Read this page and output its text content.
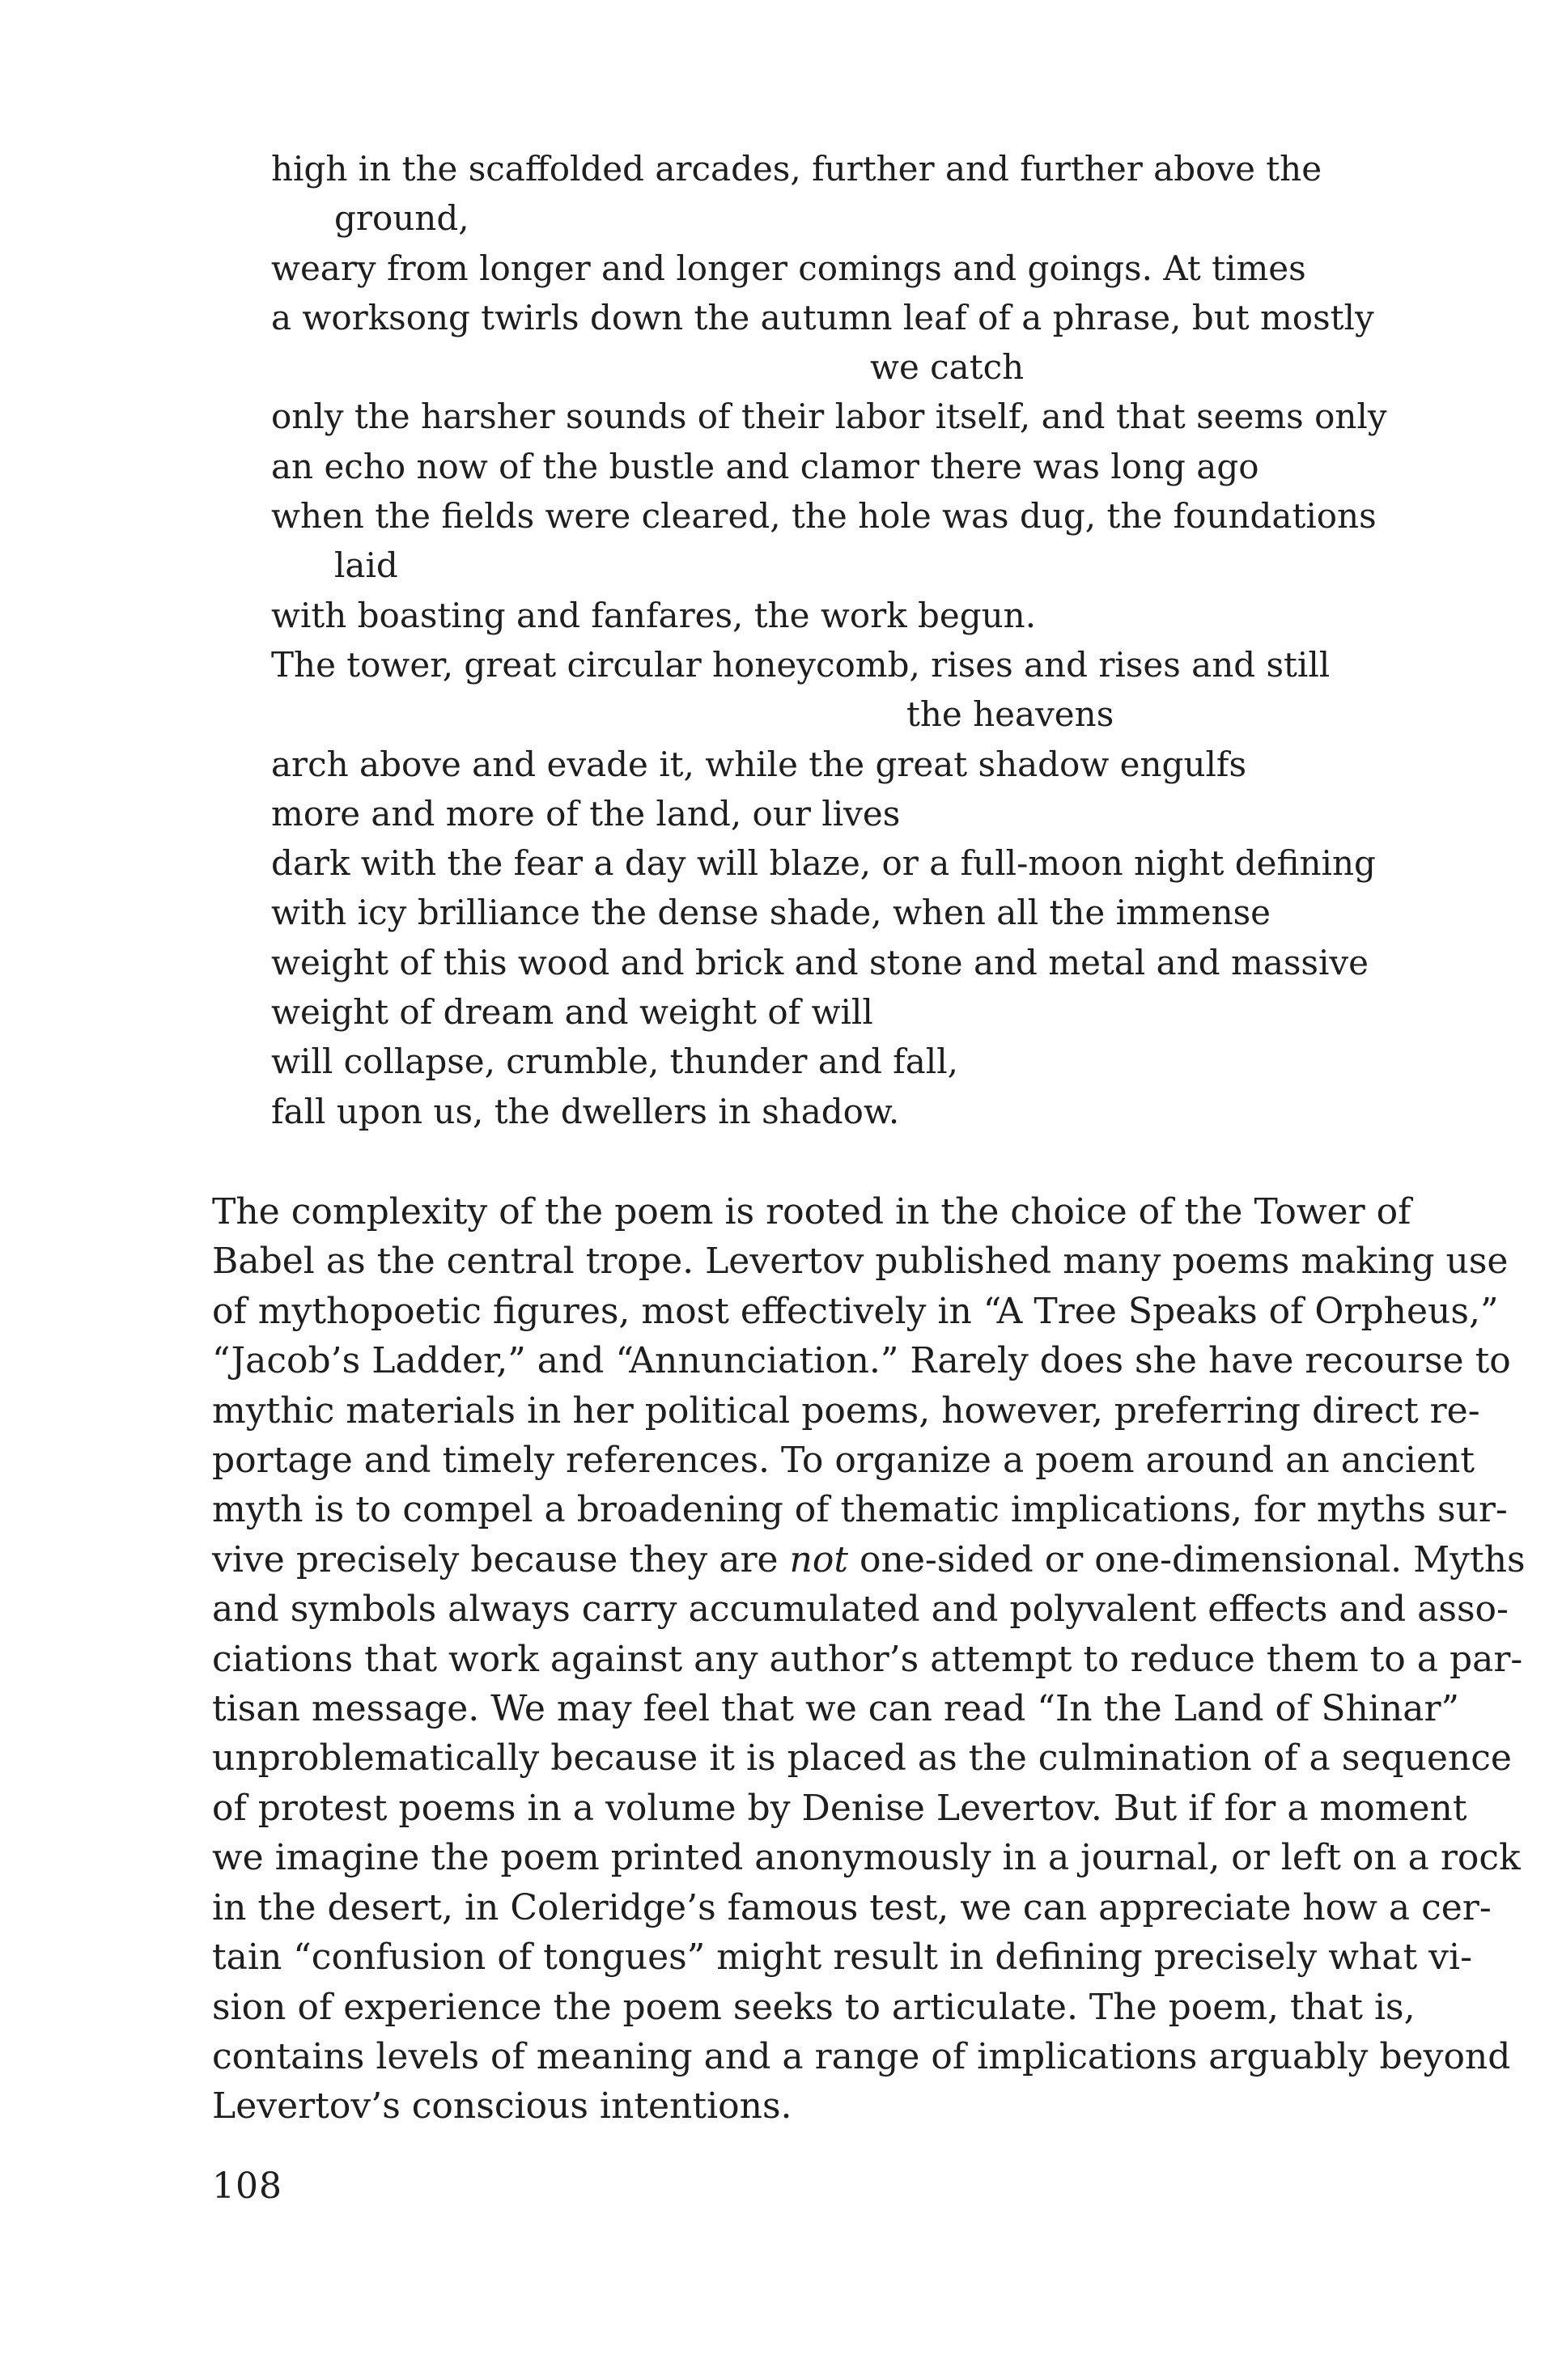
high in the scaffolded arcades, further and further above the
ground,
weary from longer and longer comings and goings. At times
a worksong twirls down the autumn leaf of a phrase, but mostly
we catch
only the harsher sounds of their labor itself, and that seems only
an echo now of the bustle and clamor there was long ago
when the fields were cleared, the hole was dug, the foundations
laid
with boasting and fanfares, the work begun.
The tower, great circular honeycomb, rises and rises and still
the heavens
arch above and evade it, while the great shadow engulfs
more and more of the land, our lives
dark with the fear a day will blaze, or a full-moon night defining
with icy brilliance the dense shade, when all the immense
weight of this wood and brick and stone and metal and massive
weight of dream and weight of will
will collapse, crumble, thunder and fall,
fall upon us, the dwellers in shadow.
The complexity of the poem is rooted in the choice of the Tower of
Babel as the central trope. Levertov published many poems making use
of mythopoetic figures, most effectively in “A Tree Speaks of Orpheus,”
“Jacob’s Ladder,” and “Annunciation.” Rarely does she have recourse to
mythic materials in her political poems, however, preferring direct re-
portage and timely references. To organize a poem around an ancient
myth is to compel a broadening of thematic implications, for myths sur-
vive precisely because they are not one-sided or one-dimensional. Myths
and symbols always carry accumulated and polyvalent effects and asso-
ciations that work against any author’s attempt to reduce them to a par-
tisan message. We may feel that we can read “In the Land of Shinar”
unproblematically because it is placed as the culmination of a sequence
of protest poems in a volume by Denise Levertov. But if for a moment
we imagine the poem printed anonymously in a journal, or left on a rock
in the desert, in Coleridge’s famous test, we can appreciate how a cer-
tain “confusion of tongues” might result in defining precisely what vi-
sion of experience the poem seeks to articulate. The poem, that is,
contains levels of meaning and a range of implications arguably beyond
Levertov’s conscious intentions.
108
